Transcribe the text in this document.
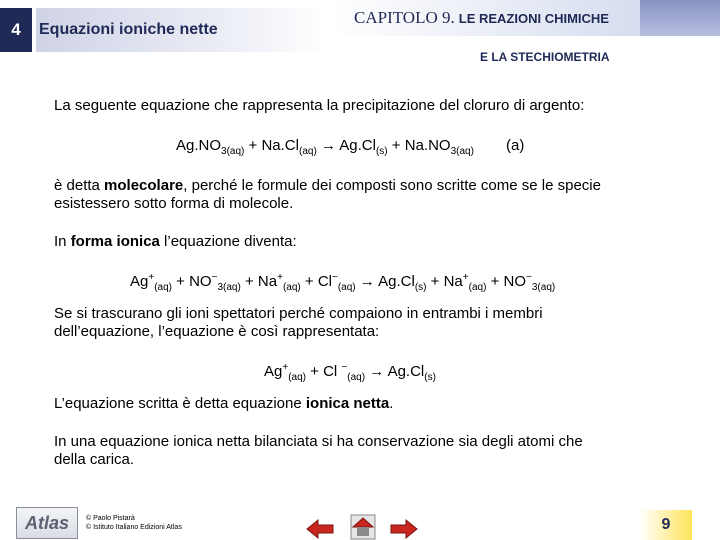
4	Equazioni ioniche nette
CAPITOLO 9. LE REAZIONI CHIMICHE
E LA STECHIOMETRIA
La seguente equazione che rappresenta la precipitazione del cloruro di argento:
$Ag.NO_{3(aq)} + Na.Cl_{(aq)} \to Ag.Cl_{(s)} + Na.NO_{3(aq)}$ (a)
è detta molecolare, perché le formule dei composti sono scritte come se le specie
esistessero sotto forma di molecole.
In forma ionica l’equazione diventa:
$Ag^+_{(aq)} + NO^-_{3(aq)} + Na^+_{(aq)} + Cl^-_{(aq)} \to Ag.Cl_{(s)} + Na^+_{(aq)} + NO^-_{3(aq)}$
Se si trascurano gli ioni spettatori perché compaiono in entrambi i membri
dell’equazione, l’equazione è così rappresentata:
$Ag^+_{(aq)} + Cl$ $^-_{(aq)} \to Ag.Cl_{(s)}$
L’equazione scritta è detta equazione ionica netta.
In una equazione ionica netta bilanciata si ha conservazione sia degli atomi che
della carica.
Atlas	© Paolo Pistarà
© Istituto Italiano Edizioni Atlas	9
